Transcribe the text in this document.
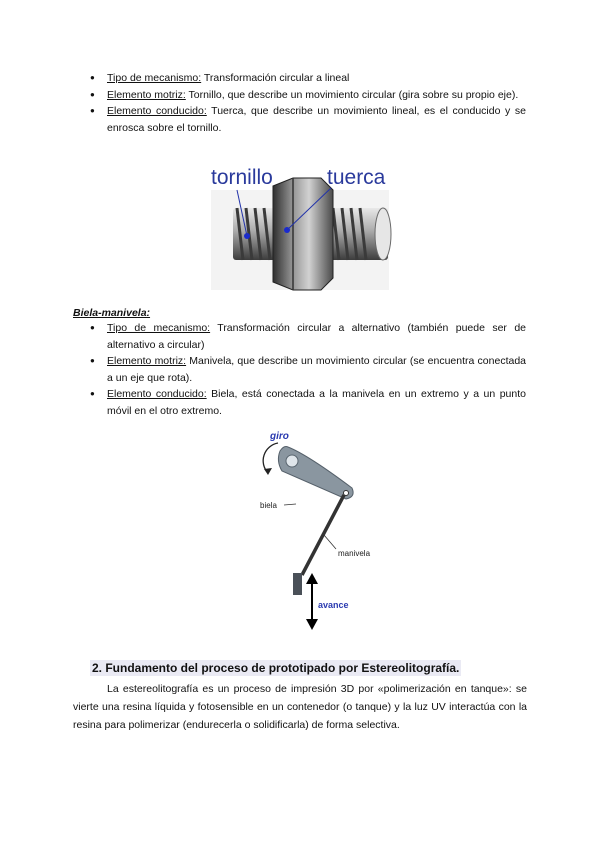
● Tipo de mecanismo: Transformación circular a lineal
● Elemento motriz: Tornillo, que describe un movimiento circular (gira sobre su propio eje).
● Elemento conducido: Tuerca, que describe un movimiento lineal, es el conducido y se enrosca sobre el tornillo.
tornillo	tuerca
Biela-manivela:
● Tipo de mecanismo: Transformación circular a alternativo (también puede ser de alternativo a circular)
● Elemento motriz: Manivela, que describe un movimiento circular (se encuentra conectada a un eje que rota).
● Elemento conducido: Biela, está conectada a la manivela en un extremo y a un punto móvil en el otro extremo.
giro
biela
manivela
avance
2. Fundamento del proceso de prototipado por Estereolitografía.

La estereolitografía es un proceso de impresión 3D por «polimerización en tanque»: se vierte una resina líquida y fotosensible en un contenedor (o tanque) y la luz UV interactúa con la resina para polimerizar (endurecerla o solidificarla) de forma selectiva.
